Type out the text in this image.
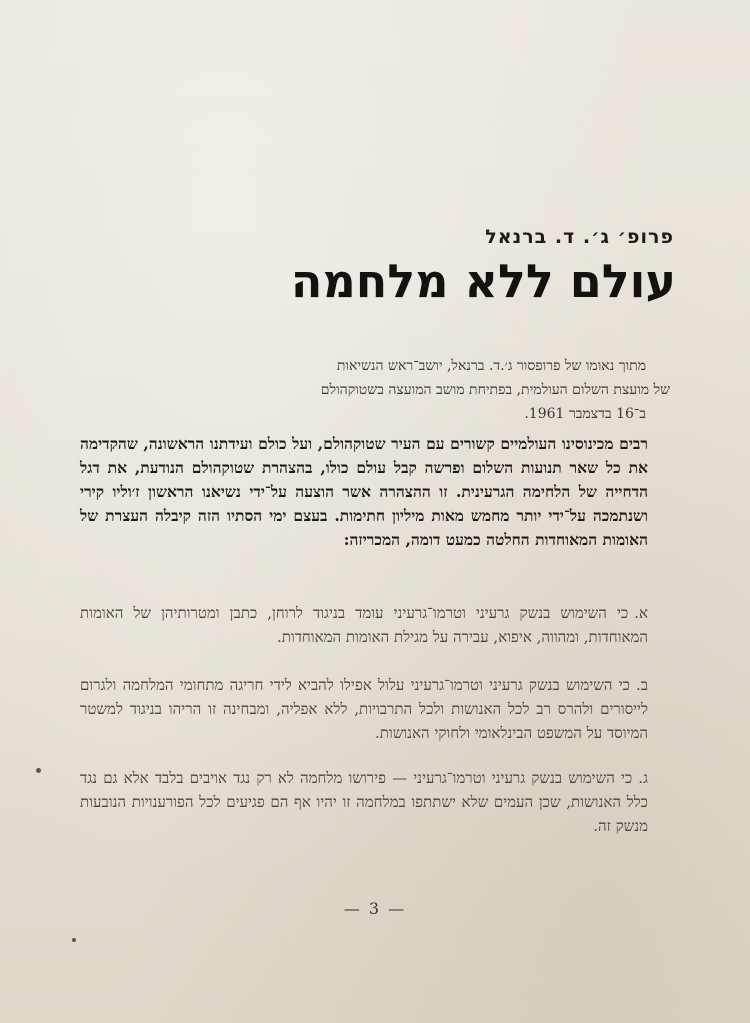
פרופ׳ ג׳. ד. ברנאל
עולם ללא מלחמה
מתוך נאומו של פרופסור ג׳.ד. ברנאל, יושב־ראש הנשיאות
של מועצת השלום העולמית, בפתיחת מושב המועצה בשטוקהולם
ב־16 בדצמבר 1961.
רבים מכינוסינו העולמיים קשורים עם העיר שטוקהולם, ועל כולם ועידתנו הראשונה, שהקדימה את כל שאר תנועות השלום ופרשה קבל עולם כולו, בהצהרת שטוקהולם הנודעת, את דגל הדחייה של הלחימה הגרעינית. זו ההצהרה אשר הוצעה על־ידי נשיאנו הראשון ז׳וליו קירי ושנתמכה על־ידי יותר מחמש מאות מיליון חתימות. בעצם ימי הסתיו הזה קיבלה העצרת של האומות המאוחדות החלטה כמעט דומה, המכריזה:
א.כי השימוש בנשק גרעיני וטרמו־גרעיני עומד בניגוד לרוחן, כתבן ומטרותיהן של האומות המאוחדות, ומהווה, איפוא, עבירה על מגילת האומות המאוחדות.
ב.כי השימוש בנשק גרעיני וטרמו־גרעיני עלול אפילו להביא לידי חריגה מתחומי המלחמה ולגרום לייסורים ולהרס רב לכל האנושות ולכל התרבויות, ללא אפליה, ומבחינה זו הריהו בניגוד למשטר המיוסד על המשפט הבינלאומי ולחוקי האנושות.
ג.כי השימוש בנשק גרעיני וטרמו־גרעיני — פירושו מלחמה לא רק נגד אויבים בלבד אלא גם נגד כלל האנושות, שכן העמים שלא ישתתפו במלחמה זו יהיו אף הם פגיעים לכל הפורענויות הנובעות מנשק זה.
— 3 —
